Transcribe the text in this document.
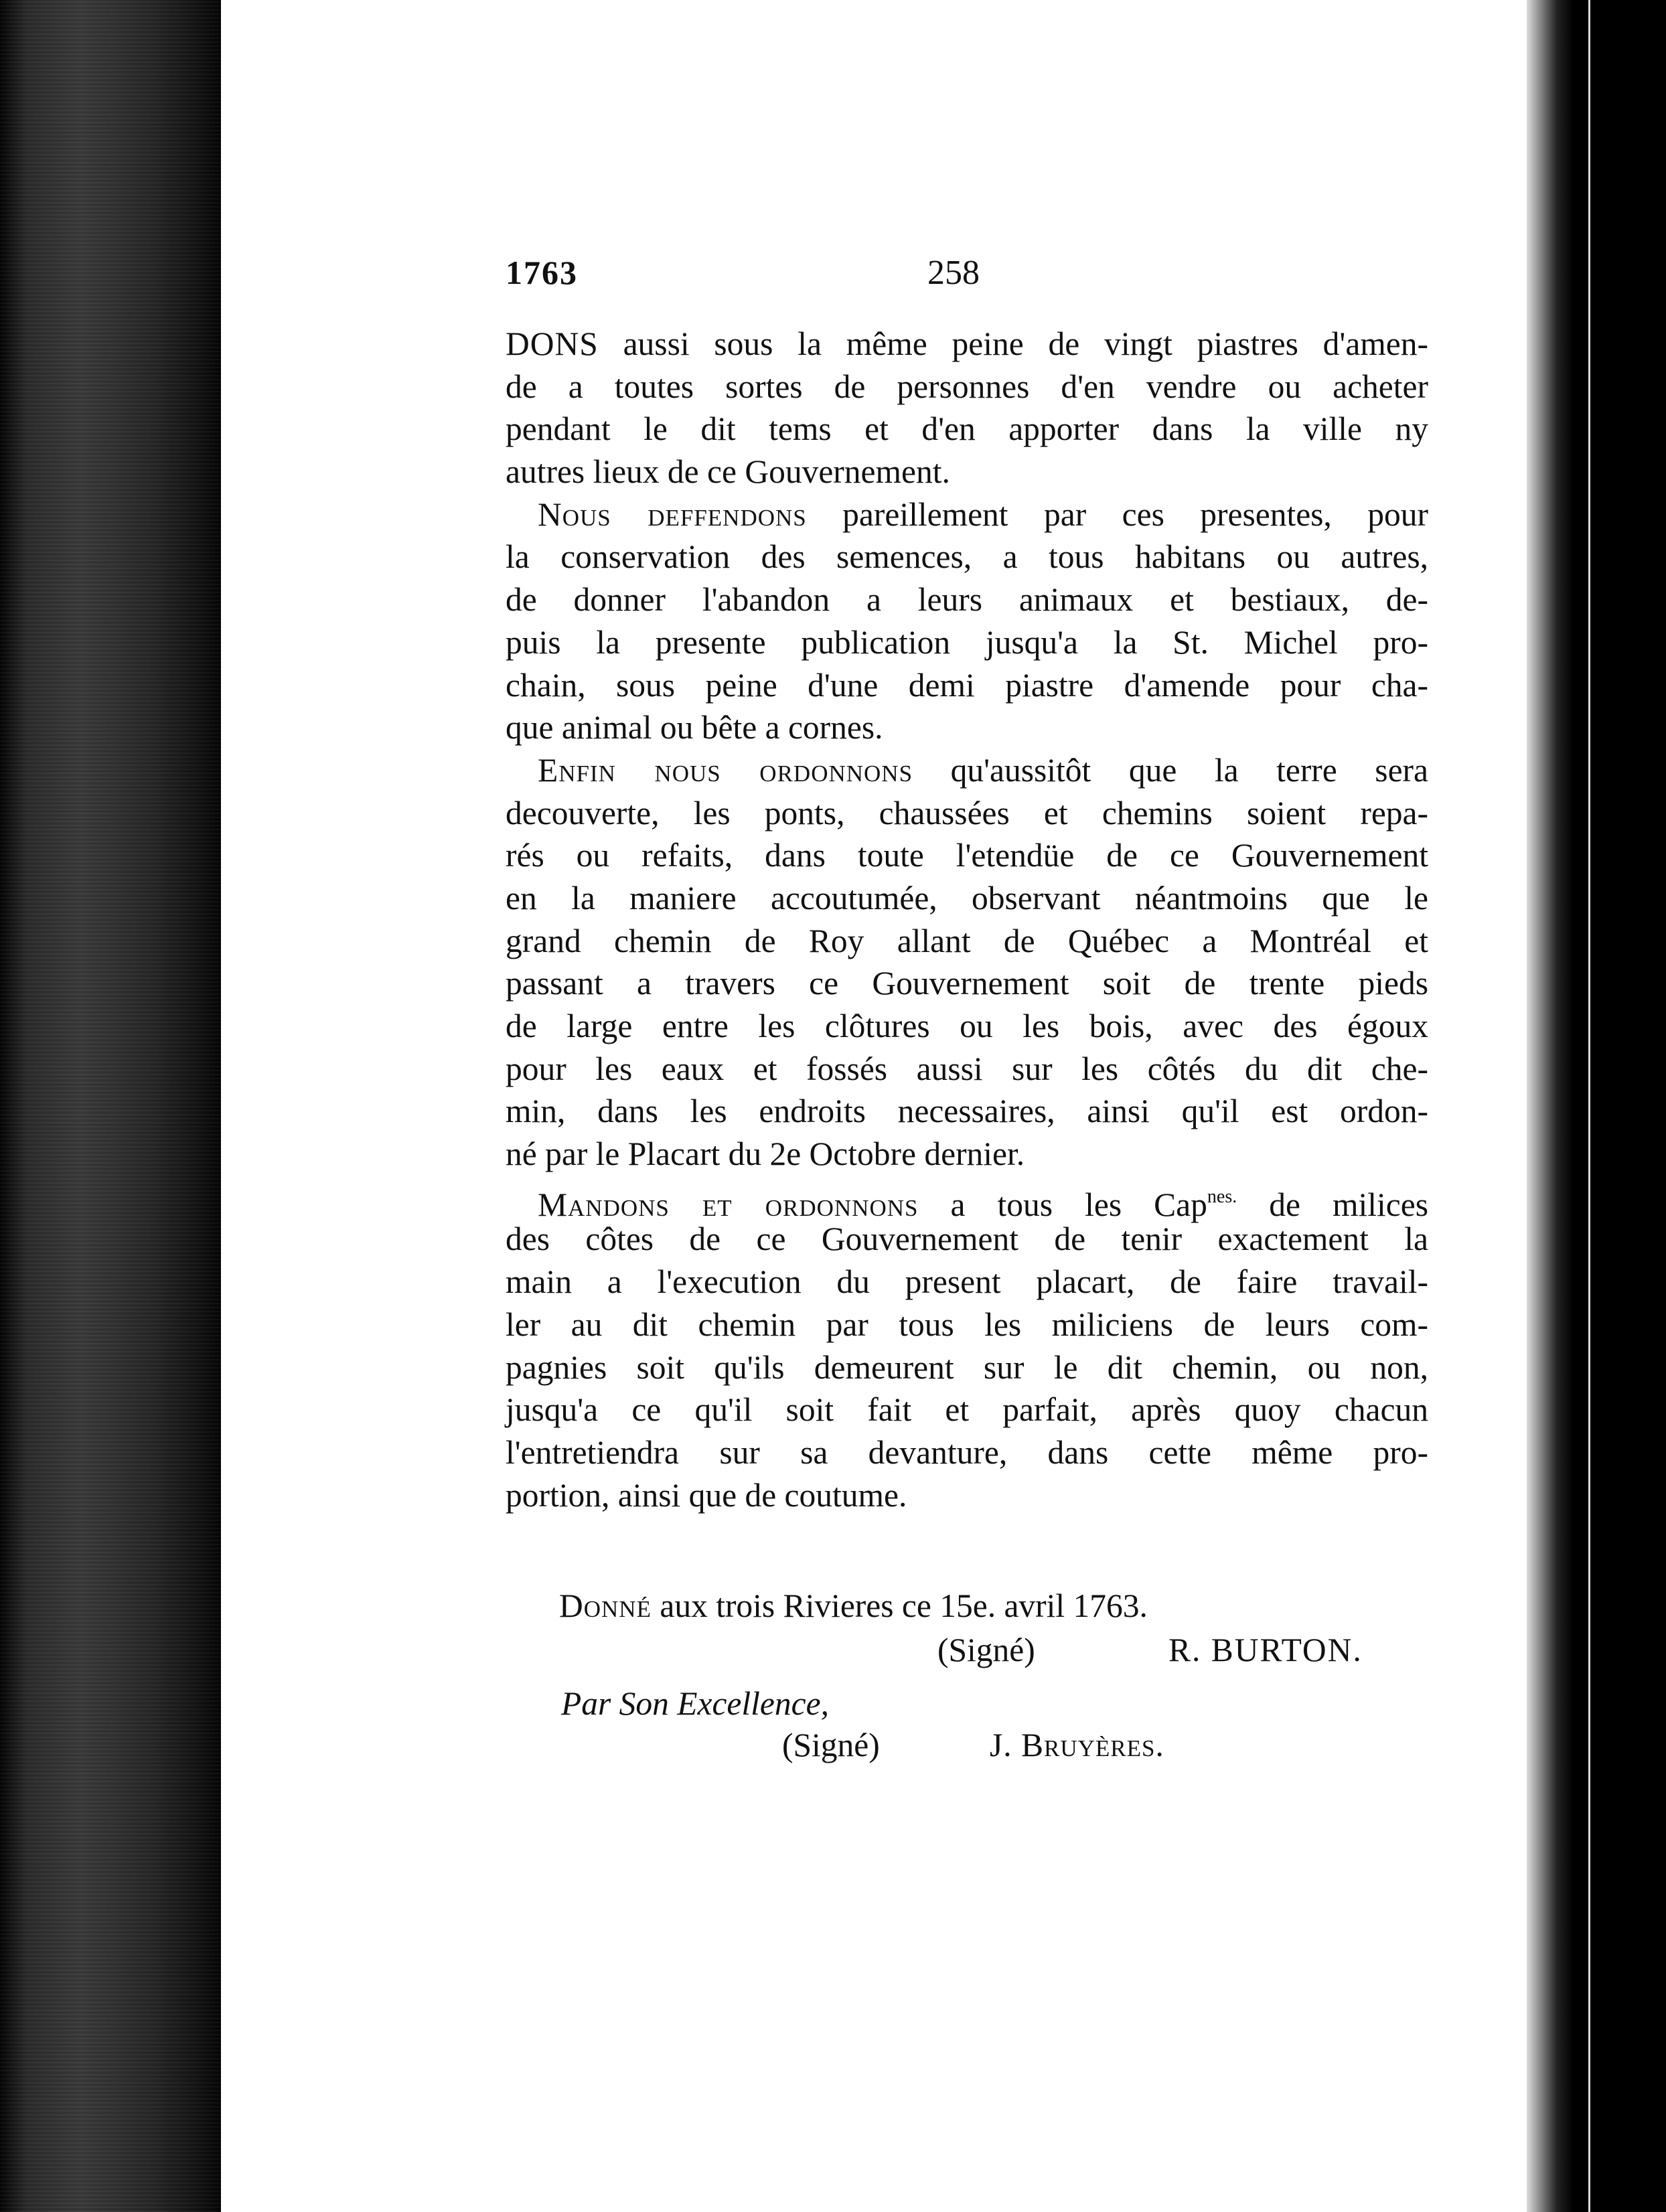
1763	258
DONS aussi sous la même peine de vingt piastres d'amen-
de a toutes sortes de personnes d'en vendre ou acheter
pendant le dit tems et d'en apporter dans la ville ny
autres lieux de ce Gouvernement.
Nous deffendons pareillement par ces presentes, pour
la conservation des semences, a tous habitans ou autres,
de donner l'abandon a leurs animaux et bestiaux, de-
puis la presente publication jusqu'a la St. Michel pro-
chain, sous peine d'une demi piastre d'amende pour cha-
que animal ou bête a cornes.
Enfin nous ordonnons qu'aussitôt que la terre sera
decouverte, les ponts, chaussées et chemins soient repa-
rés ou refaits, dans toute l'etendüe de ce Gouvernement
en la maniere accoutumée, observant néantmoins que le
grand chemin de Roy allant de Québec a Montréal et
passant a travers ce Gouvernement soit de trente pieds
de large entre les clôtures ou les bois, avec des égoux
pour les eaux et fossés aussi sur les côtés du dit che-
min, dans les endroits necessaires, ainsi qu'il est ordon-
né par le Placart du 2e Octobre dernier.
Mandons et ordonnons a tous les Cap$^{nes.}$ de milices
des côtes de ce Gouvernement de tenir exactement la
main a l'execution du present placart, de faire travail-
ler au dit chemin par tous les miliciens de leurs com-
pagnies soit qu'ils demeurent sur le dit chemin, ou non,
jusqu'a ce qu'il soit fait et parfait, après quoy chacun
l'entretiendra sur sa devanture, dans cette même pro-
portion, ainsi que de coutume.
Donné aux trois Rivieres ce 15e. avril 1763.
(Signé)	R. BURTON.
Par Son Excellence,
(Signé)	J. Bruyères.
